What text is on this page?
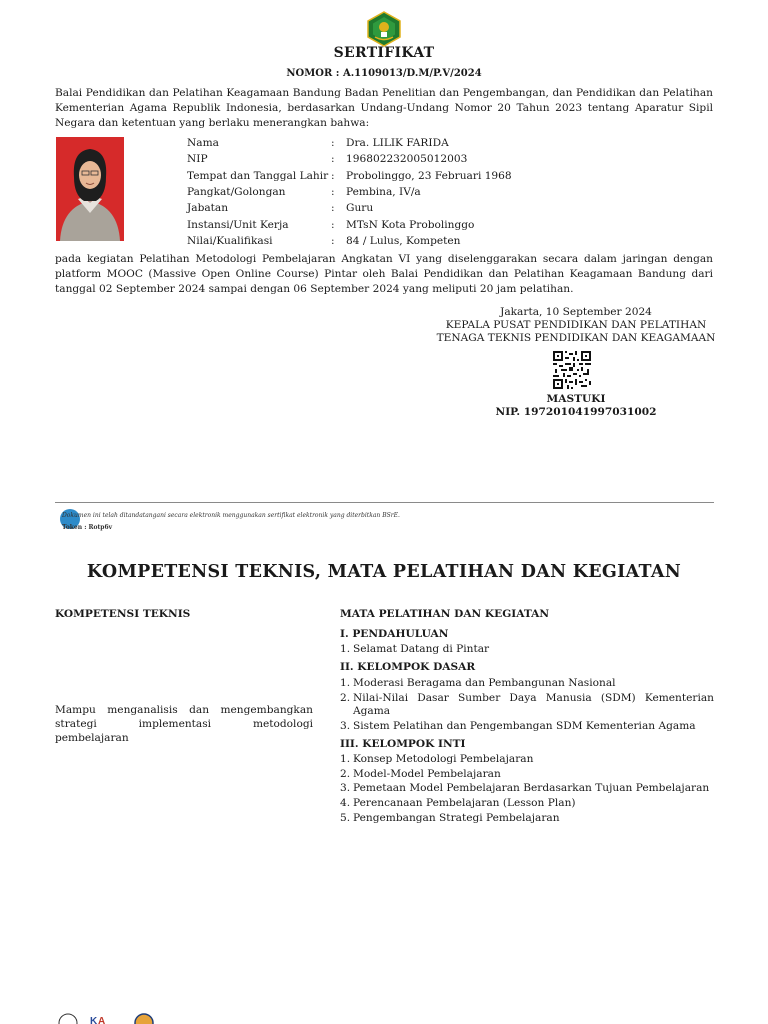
SERTIFIKAT
NOMOR : A.1109013/D.M/P.V/2024
Balai Pendidikan dan Pelatihan Keagamaan Bandung Badan Penelitian dan Pengembangan, dan Pendidikan dan Pelatihan Kementerian Agama Republik Indonesia, berdasarkan Undang-Undang Nomor 20 Tahun 2023 tentang Aparatur Sipil Negara dan ketentuan yang berlaku menerangkan bahwa:
Nama	:	Dra. LILIK FARIDA
NIP	:	196802232005012003
Tempat dan Tanggal Lahir :	Probolinggo, 23 Februari 1968
Pangkat/Golongan	:	Pembina, IV/a
Jabatan	:	Guru
Instansi/Unit Kerja	:	MTsN Kota Probolinggo
Nilai/Kualifikasi	:	84 / Lulus, Kompeten
pada kegiatan Pelatihan Metodologi Pembelajaran Angkatan VI yang diselenggarakan secara dalam jaringan dengan platform MOOC (Massive Open Online Course) Pintar oleh Balai Pendidikan dan Pelatihan Keagamaan Bandung dari tanggal 02 September 2024 sampai dengan 06 September 2024 yang meliputi 20 jam pelatihan.
Jakarta, 10 September 2024
KEPALA PUSAT PENDIDIKAN DAN PELATIHAN
TENAGA TEKNIS PENDIDIKAN DAN KEAGAMAAN
MASTUKI
NIP. 197201041997031002
Dokumen ini telah ditandatangani secara elektronik menggunakan sertifikat elektronik yang diterbitkan BSrE.
Token : Rotp6v
KOMPETENSI TEKNIS, MATA PELATIHAN DAN KEGIATAN
KOMPETENSI TEKNIS	MATA PELATIHAN DAN KEGIATAN
Mampu menganalisis dan mengembangkan
strategi implementasi metodologi
pembelajaran
I. PENDAHULUAN
1. Selamat Datang di Pintar
II. KELOMPOK DASAR
1. Moderasi Beragama dan Pembangunan Nasional
2. Nilai-Nilai Dasar Sumber Daya Manusia (SDM) Kementerian Agama
3. Sistem Pelatihan dan Pengembangan SDM Kementerian Agama
III. KELOMPOK INTI
1. Konsep Metodologi Pembelajaran
2. Model-Model Pembelajaran
3. Pemetaan Model Pembelajaran Berdasarkan Tujuan Pembelajaran
4. Perencanaan Pembelajaran (Lesson Plan)
5. Pengembangan Strategi Pembelajaran
K A
